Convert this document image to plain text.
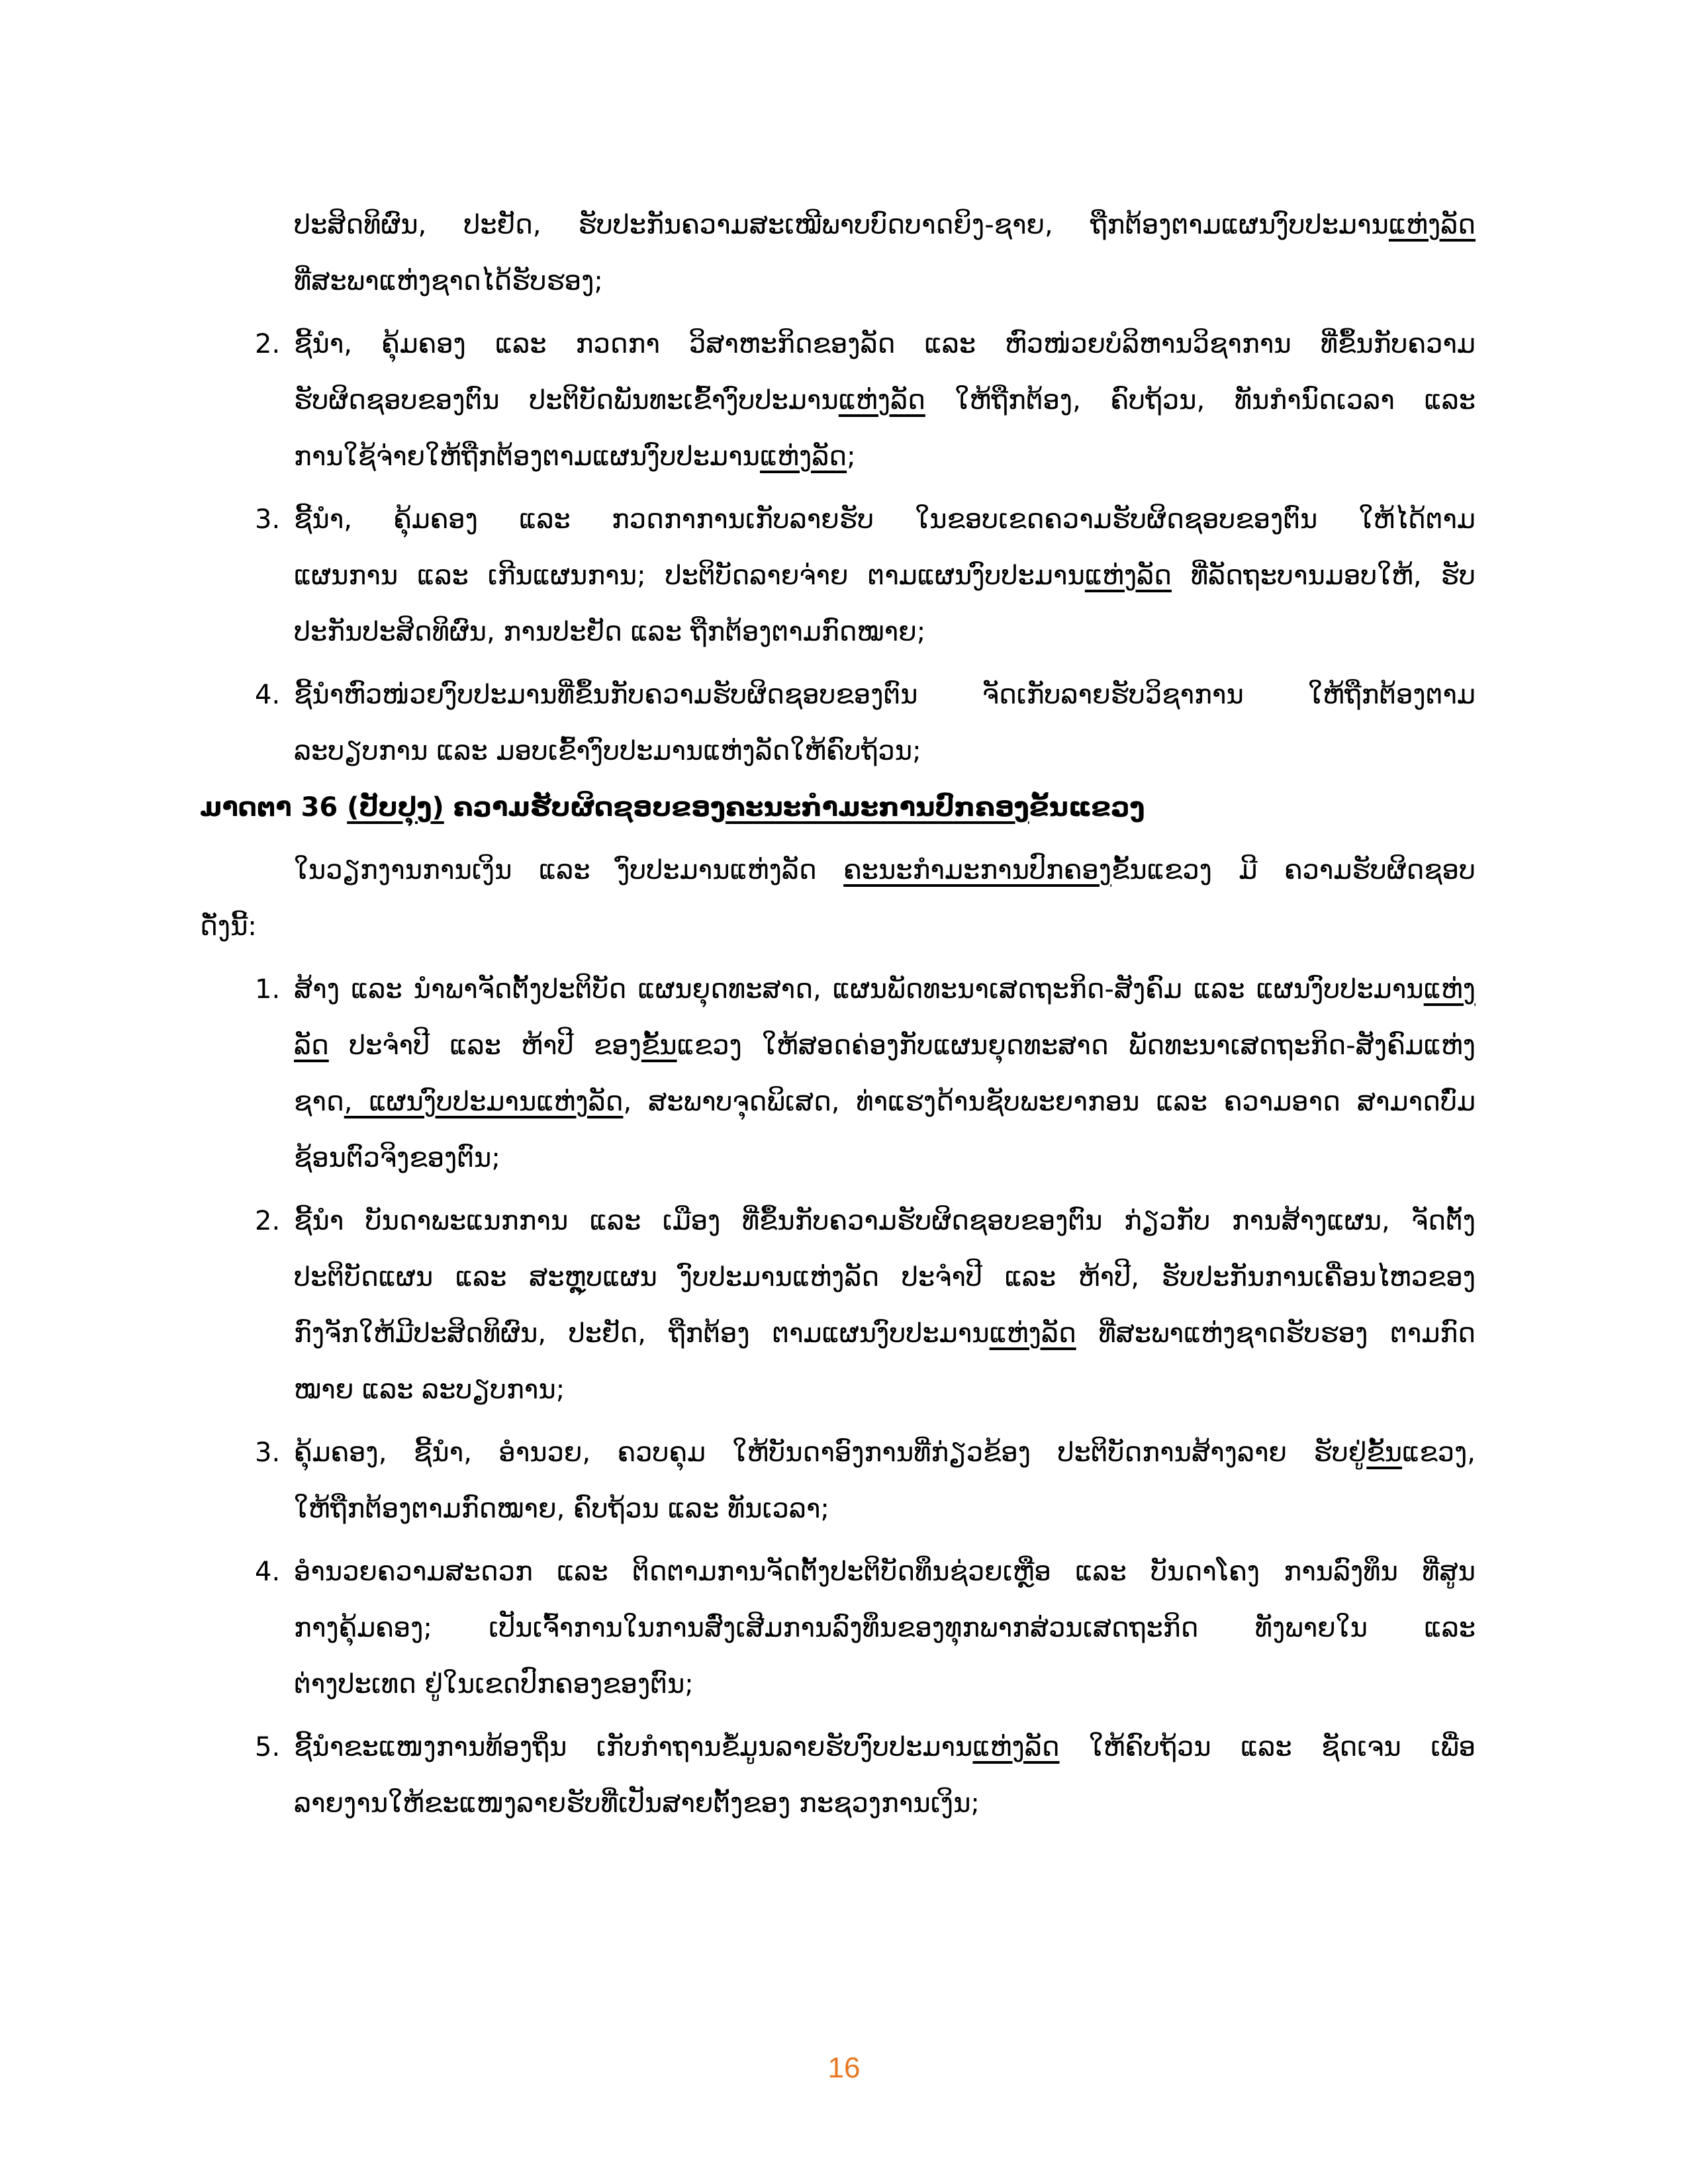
ປະສິດທິຜົນ, ປະຢັດ, ຮັບປະກັນຄວາມສະເໝີພາບບົດບາດຍິງ-ຊາຍ, ຖືກຕ້ອງຕາມແຜນງົບປະມານແຫ່ງລັດ
ທີ່ສະພາແຫ່ງຊາດໄດ້ຮັບຮອງ;
2. ຊີ້ນໍາ, ຄຸ້ມຄອງ ແລະ ກວດກາ ວິສາຫະກິດຂອງລັດ ແລະ ຫົວໜ່ວຍບໍລິຫານວິຊາການ ທີ່ຂຶ້ນກັບຄວາມ
ຮັບຜິດຊອບຂອງຕົນ ປະຕິບັດພັນທະເຂົ້າງົບປະມານແຫ່ງລັດ ໃຫ້ຖືກຕ້ອງ, ຄົບຖ້ວນ, ທັນກໍານົດເວລາ ແລະ
ການໃຊ້ຈ່າຍໃຫ້ຖືກຕ້ອງຕາມແຜນງົບປະມານແຫ່ງລັດ;
3. ຊີ້ນໍາ, ຄຸ້ມຄອງ ແລະ ກວດກາການເກັບລາຍຮັບ ໃນຂອບເຂດຄວາມຮັບຜິດຊອບຂອງຕົນ ໃຫ້ໄດ້ຕາມ
ແຜນການ ແລະ ເກີນແຜນການ; ປະຕິບັດລາຍຈ່າຍ ຕາມແຜນງົບປະມານແຫ່ງລັດ ທີ່ລັດຖະບານມອບໃຫ້, ຮັບ
ປະກັນປະສິດທິຜົນ, ການປະຢັດ ແລະ ຖືກຕ້ອງຕາມກົດໝາຍ;
4. ຊີ້ນໍາຫົວໜ່ວຍງົບປະມານທີ່ຂຶ້ນກັບຄວາມຮັບຜິດຊອບຂອງຕົນ ຈັດເກັບລາຍຮັບວິຊາການ ໃຫ້ຖືກຕ້ອງຕາມ
ລະບຽບການ ແລະ ມອບເຂົ້າງົບປະມານແຫ່ງລັດໃຫ້ຄົບຖ້ວນ;
ມາດຕາ 36 (ປັບປຸງ) ຄວາມຮັບຜິດຊອບຂອງຄະນະກໍາມະການປົກຄອງຂັ້ນແຂວງ
ໃນວຽກງານການເງິນ ແລະ ງົບປະມານແຫ່ງລັດ ຄະນະກໍາມະການປົກຄອງຂັ້ນແຂວງ ມີ ຄວາມຮັບຜິດຊອບ
ດັ່ງນີ້:
1. ສ້າງ ແລະ ນໍາພາຈັດຕັ້ງປະຕິບັດ ແຜນຍຸດທະສາດ, ແຜນພັດທະນາເສດຖະກິດ-ສັງຄົມ ແລະ ແຜນງົບປະມານແຫ່ງ
ລັດ ປະຈໍາປີ ແລະ ຫ້າປີ ຂອງຂັ້ນແຂວງ ໃຫ້ສອດຄ່ອງກັບແຜນຍຸດທະສາດ ພັດທະນາເສດຖະກິດ-ສັງຄົມແຫ່ງ
ຊາດ, ແຜນງົບປະມານແຫ່ງລັດ, ສະພາບຈຸດພິເສດ, ທ່າແຮງດ້ານຊັບພະຍາກອນ ແລະ ຄວາມອາດ ສາມາດບົ່ມ
ຊ້ອນຕົວຈິງຂອງຕົນ;
2. ຊີ້ນໍາ ບັນດາພະແນກການ ແລະ ເມືອງ ທີ່ຂຶ້ນກັບຄວາມຮັບຜິດຊອບຂອງຕົນ ກ່ຽວກັບ ການສ້າງແຜນ, ຈັດຕັ້ງ
ປະຕິບັດແຜນ ແລະ ສະຫຼຸບແຜນ ງົບປະມານແຫ່ງລັດ ປະຈໍາປີ ແລະ ຫ້າປີ, ຮັບປະກັນການເຄື່ອນໄຫວຂອງ
ກົງຈັກໃຫ້ມີປະສິດທິຜົນ, ປະຢັດ, ຖືກຕ້ອງ ຕາມແຜນງົບປະມານແຫ່ງລັດ ທີ່ສະພາແຫ່ງຊາດຮັບຮອງ ຕາມກົດ
ໝາຍ ແລະ ລະບຽບການ;
3. ຄຸ້ມຄອງ, ຊີ້ນໍາ, ອໍານວຍ, ຄວບຄຸມ ໃຫ້ບັນດາອົງການທີ່ກ່ຽວຂ້ອງ ປະຕິບັດການສ້າງລາຍ ຮັບຢູ່ຂັ້ນແຂວງ,
ໃຫ້ຖືກຕ້ອງຕາມກົດໝາຍ, ຄົບຖ້ວນ ແລະ ທັນເວລາ;
4. ອໍານວຍຄວາມສະດວກ ແລະ ຕິດຕາມການຈັດຕັ້ງປະຕິບັດທຶນຊ່ວຍເຫຼືອ ແລະ ບັນດາໂຄງ ການລົງທຶນ ທີ່ສູນ
ກາງຄຸ້ມຄອງ; ເປັນເຈົ້າການໃນການສົ່ງເສີມການລົງທຶນຂອງທຸກພາກສ່ວນເສດຖະກິດ ທັງພາຍໃນ ແລະ
ຕ່າງປະເທດ ຢູ່ໃນເຂດປົກຄອງຂອງຕົນ;
5. ຊີ້ນໍາຂະແໜງການທ້ອງຖິ່ນ ເກັບກໍາຖານຂໍ້ມູນລາຍຮັບງົບປະມານແຫ່ງລັດ ໃຫ້ຄົບຖ້ວນ ແລະ ຊັດເຈນ ເພື່ອ
ລາຍງານໃຫ້ຂະແໜງລາຍຮັບທີ່ເປັນສາຍຕັ້ງຂອງ ກະຊວງການເງິນ;
16
